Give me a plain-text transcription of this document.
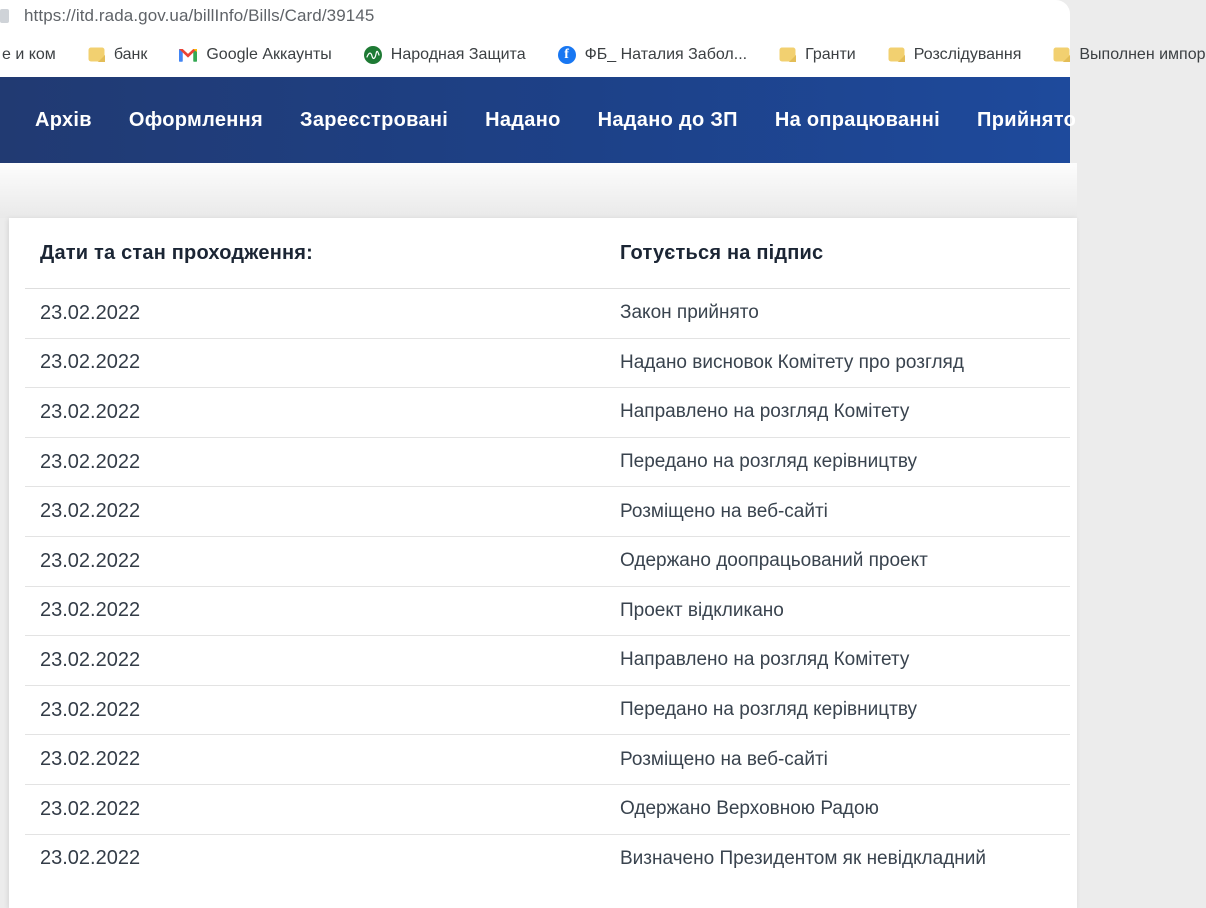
https://itd.rada.gov.ua/billInfo/Bills/Card/39145
е и ком	банк	Google Аккаунты	Народная Защита	f ФБ_ Наталия Забол...	Гранти	Розслідування	Выполнен импор
Архів Оформлення Зареєстровані Надано Надано до ЗП На опрацюванні Прийнято
Дати та стан проходження:	Готується на підпис
23.02.2022	Закон прийнято
23.02.2022	Надано висновок Комітету про розгляд
23.02.2022	Направлено на розгляд Комітету
23.02.2022	Передано на розгляд керівництву
23.02.2022	Розміщено на веб-сайті
23.02.2022	Одержано доопрацьований проект
23.02.2022	Проект відкликано
23.02.2022	Направлено на розгляд Комітету
23.02.2022	Передано на розгляд керівництву
23.02.2022	Розміщено на веб-сайті
23.02.2022	Одержано Верховною Радою
23.02.2022	Визначено Президентом як невідкладний
